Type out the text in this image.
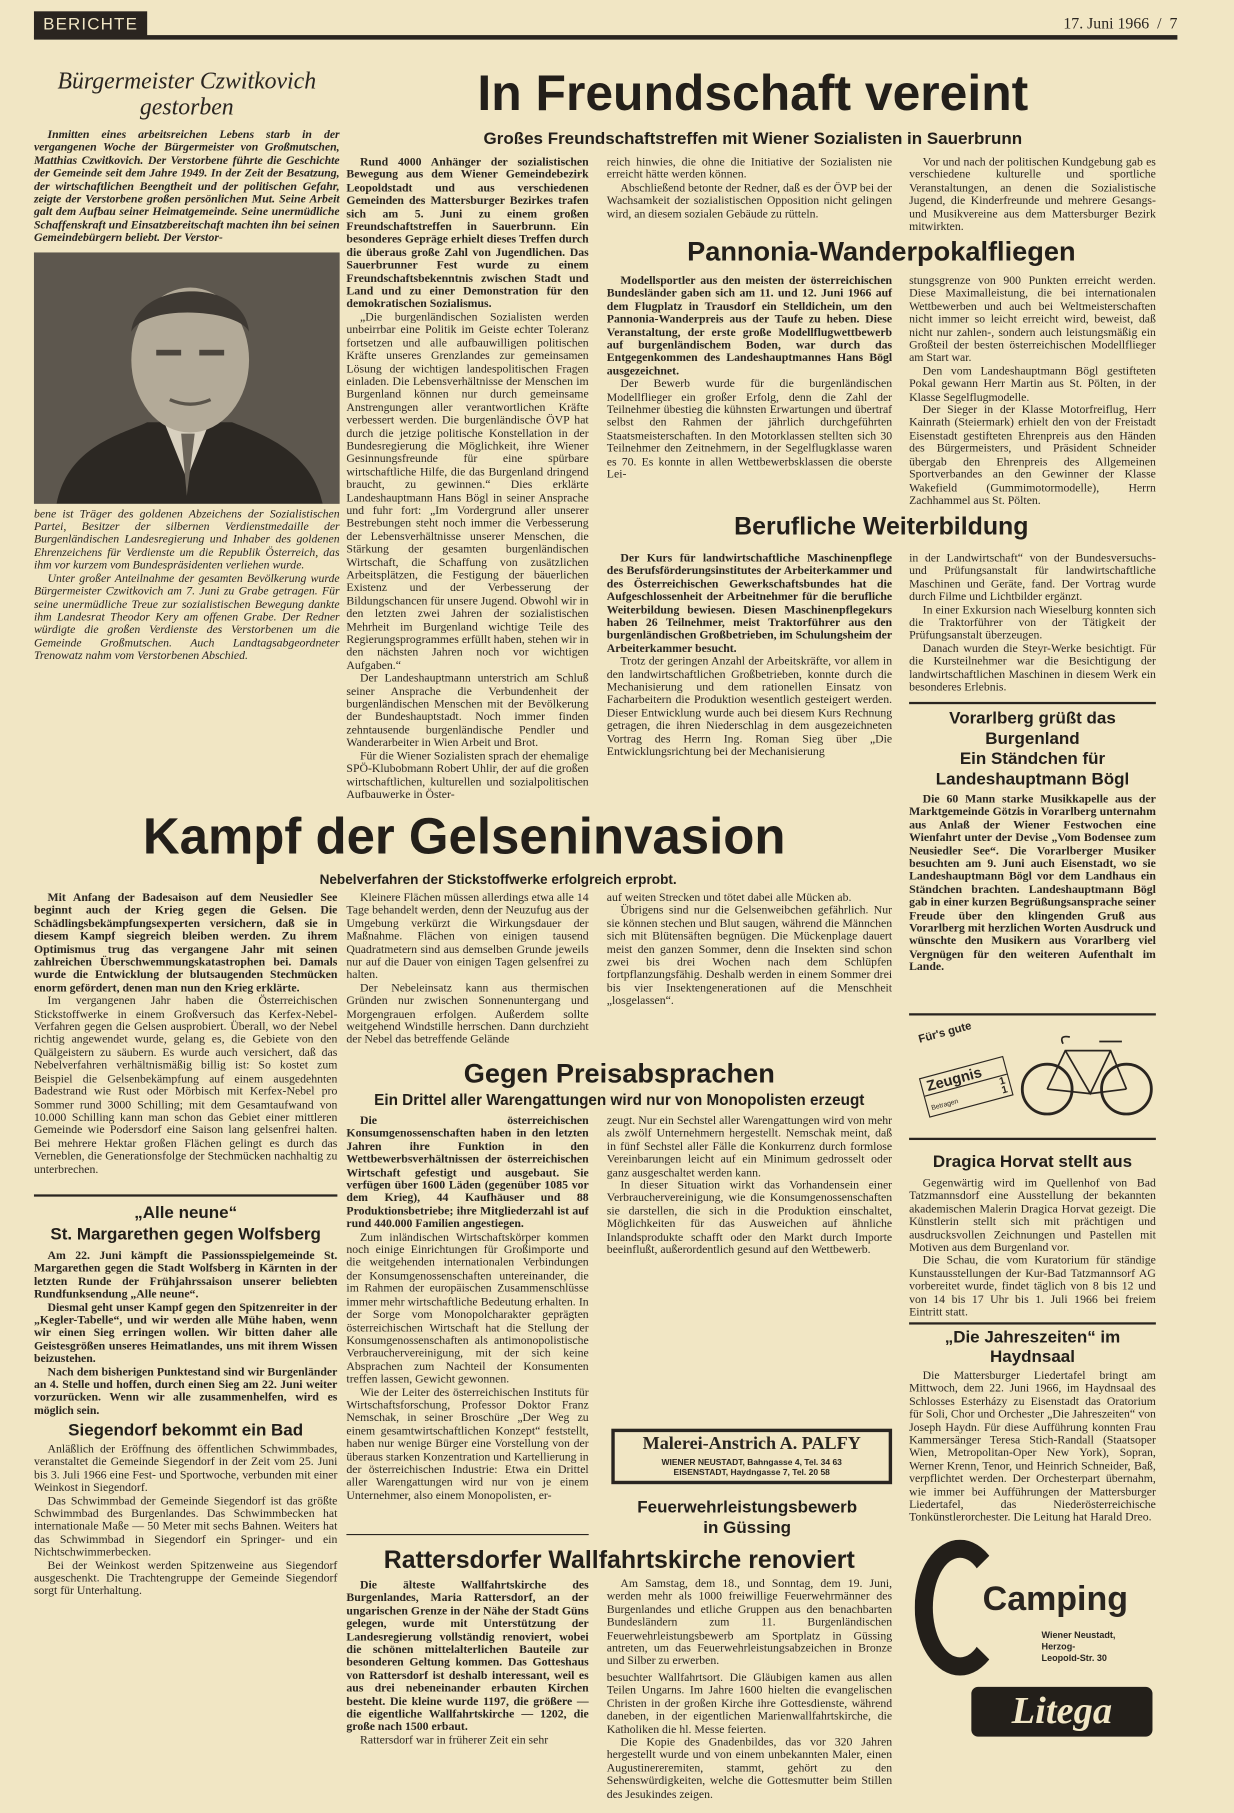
BERICHTE	17. Juni 1966 / 7
Bürgermeister Czwitkovich gestorben

Inmitten eines arbeitsreichen Lebens starb in der vergangenen Woche der Bürgermeister von Großmutschen, Matthias Czwitkovich. Der Verstorbene führte die Geschichte der Gemeinde seit dem Jahre 1949. In der Zeit der Besatzung, der wirtschaftlichen Beengtheit und der politischen Gefahr, zeigte der Verstorbene großen persönlichen Mut. Seine Arbeit galt dem Aufbau seiner Heimatgemeinde. Seine unermüdliche Schaffenskraft und Einsatzbereitschaft machten ihn bei seinen Gemeindebürgern beliebt. Der Verstor-

bene ist Träger des goldenen Abzeichens der Sozialistischen Partei, Besitzer der silbernen Verdienstmedaille der Burgenländischen Landesregierung und Inhaber des goldenen Ehrenzeichens für Verdienste um die Republik Österreich, das ihm vor kurzem vom Bundespräsidenten verliehen wurde.

Unter großer Anteilnahme der gesamten Bevölkerung wurde Bürgermeister Czwitkovich am 7. Juni zu Grabe getragen. Für seine unermüdliche Treue zur sozialistischen Bewegung dankte ihm Landesrat Theodor Kery am offenen Grabe. Der Redner würdigte die großen Verdienste des Verstorbenen um die Gemeinde Großmutschen. Auch Landtagsabgeordneter Trenowatz nahm vom Verstorbenen Abschied.

In Freundschaft vereint
Großes Freundschaftstreffen mit Wiener Sozialisten in Sauerbrunn

Rund 4000 Anhänger der sozialistischen Bewegung aus dem Wiener Gemeindebezirk Leopoldstadt und aus verschiedenen Gemeinden des Mattersburger Bezirkes trafen sich am 5. Juni zu einem großen Freundschaftstreffen in Sauerbrunn. Ein besonderes Gepräge erhielt dieses Treffen durch die überaus große Zahl von Jugendlichen. Das Sauerbrunner Fest wurde zu einem Freundschaftsbekenntnis zwischen Stadt und Land und zu einer Demonstration für den demokratischen Sozialismus.

„Die burgenländischen Sozialisten werden unbeirrbar eine Politik im Geiste echter Toleranz fortsetzen und alle aufbauwilligen politischen Kräfte unseres Grenzlandes zur gemeinsamen Lösung der wichtigen landespolitischen Fragen einladen. Die Lebensverhältnisse der Menschen im Burgenland können nur durch gemeinsame Anstrengungen aller verantwortlichen Kräfte verbessert werden. Die burgenländische ÖVP hat durch die jetzige politische Konstellation in der Bundesregierung die Möglichkeit, ihre Wiener Gesinnungsfreunde für eine spürbare wirtschaftliche Hilfe, die das Burgenland dringend braucht, zu gewinnen.“ Dies erklärte Landeshauptmann Hans Bögl in seiner Ansprache und fuhr fort: „Im Vordergrund aller unserer Bestrebungen steht noch immer die Verbesserung der Lebensverhältnisse unserer Menschen, die Stärkung der gesamten burgenländischen Wirtschaft, die Schaffung von zusätzlichen Arbeitsplätzen, die Festigung der bäuerlichen Existenz und der Verbesserung der Bildungschancen für unsere Jugend. Obwohl wir in den letzten zwei Jahren der sozialistischen Mehrheit im Burgenland wichtige Teile des Regierungsprogrammes erfüllt haben, stehen wir in den nächsten Jahren noch vor wichtigen Aufgaben.“

Der Landeshauptmann unterstrich am Schluß seiner Ansprache die Verbundenheit der burgenländischen Menschen mit der Bevölkerung der Bundeshauptstadt. Noch immer finden zehntausende burgenländische Pendler und Wanderarbeiter in Wien Arbeit und Brot.

Für die Wiener Sozialisten sprach der ehemalige SPÖ-Klubobmann Robert Uhlir, der auf die großen wirtschaftlichen, kulturellen und sozialpolitischen Aufbauwerke in Öster-

reich hinwies, die ohne die Initiative der Sozialisten nie erreicht hätte werden können.

Abschließend betonte der Redner, daß es der ÖVP bei der Wachsamkeit der sozialistischen Opposition nicht gelingen wird, an diesem sozialen Gebäude zu rütteln.

Vor und nach der politischen Kundgebung gab es verschiedene kulturelle und sportliche Veranstaltungen, an denen die Sozialistische Jugend, die Kinderfreunde und mehrere Gesangs- und Musikvereine aus dem Mattersburger Bezirk mitwirkten.

Pannonia-Wanderpokalfliegen

Modellsportler aus den meisten der österreichischen Bundesländer gaben sich am 11. und 12. Juni 1966 auf dem Flugplatz in Trausdorf ein Stelldichein, um den Pannonia-Wanderpreis aus der Taufe zu heben. Diese Veranstaltung, der erste große Modellflugwettbewerb auf burgenländischem Boden, war durch das Entgegenkommen des Landeshauptmannes Hans Bögl ausgezeichnet.

Der Bewerb wurde für die burgenländischen Modellflieger ein großer Erfolg, denn die Zahl der Teilnehmer übestieg die kühnsten Erwartungen und übertraf selbst den Rahmen der jährlich durchgeführten Staatsmeisterschaften. In den Motorklassen stellten sich 30 Teilnehmer den Zeitnehmern, in der Segelflugklasse waren es 70. Es konnte in allen Wettbewerbsklassen die oberste Lei-

stungsgrenze von 900 Punkten erreicht werden. Diese Maximalleistung, die bei internationalen Wettbewerben und auch bei Weltmeisterschaften nicht immer so leicht erreicht wird, beweist, daß nicht nur zahlen-, sondern auch leistungsmäßig ein Großteil der besten österreichischen Modellflieger am Start war.

Den vom Landeshauptmann Bögl gestifteten Pokal gewann Herr Martin aus St. Pölten, in der Klasse Segelflugmodelle.

Der Sieger in der Klasse Motorfreiflug, Herr Kainrath (Steiermark) erhielt den von der Freistadt Eisenstadt gestifteten Ehrenpreis aus den Händen des Bürgermeisters, und Präsident Schneider übergab den Ehrenpreis des Allgemeinen Sportverbandes an den Gewinner der Klasse Wakefield (Gummimotormodelle), Herrn Zachhammel aus St. Pölten.

Berufliche Weiterbildung

Der Kurs für landwirtschaftliche Maschinenpflege des Berufsförderungsinstitutes der Arbeiterkammer und des Österreichischen Gewerkschaftsbundes hat die Aufgeschlossenheit der Arbeitnehmer für die berufliche Weiterbildung bewiesen. Diesen Maschinenpflegekurs haben 26 Teilnehmer, meist Traktorführer aus den burgenländischen Großbetrieben, im Schulungsheim der Arbeiterkammer besucht.

Trotz der geringen Anzahl der Arbeitskräfte, vor allem in den landwirtschaftlichen Großbetrieben, konnte durch die Mechanisierung und dem rationellen Einsatz von Facharbeitern die Produktion wesentlich gesteigert werden. Dieser Entwicklung wurde auch bei diesem Kurs Rechnung getragen, die ihren Niederschlag in dem ausgezeichneten Vortrag des Herrn Ing. Roman Sieg über „Die Entwicklungsrichtung bei der Mechanisierung

in der Landwirtschaft“ von der Bundesversuchs- und Prüfungsanstalt für landwirtschaftliche Maschinen und Geräte, fand. Der Vortrag wurde durch Filme und Lichtbilder ergänzt.

In einer Exkursion nach Wieselburg konnten sich die Traktorführer von der Tätigkeit der Prüfungsanstalt überzeugen.

Danach wurden die Steyr-Werke besichtigt. Für die Kursteilnehmer war die Besichtigung der landwirtschaftlichen Maschinen in diesem Werk ein besonderes Erlebnis.

Vorarlberg grüßt das Burgenland
Ein Ständchen für Landeshauptmann Bögl

Die 60 Mann starke Musikkapelle aus der Marktgemeinde Götzis in Vorarlberg unternahm aus Anlaß der Wiener Festwochen eine Wienfahrt unter der Devise „Vom Bodensee zum Neusiedler See“. Die Vorarlberger Musiker besuchten am 9. Juni auch Eisenstadt, wo sie Landeshauptmann Bögl vor dem Landhaus ein Ständchen brachten. Landeshauptmann Bögl gab in einer kurzen Begrüßungsansprache seiner Freude über den klingenden Gruß aus Vorarlberg mit herzlichen Worten Ausdruck und wünschte den Musikern aus Vorarlberg viel Vergnügen für den weiteren Aufenthalt im Lande.

Für's gute
Zeugnis
Betragen
1
1
Kampf der Gelseninvasion
Nebelverfahren der Stickstoffwerke erfolgreich erprobt.

Mit Anfang der Badesaison auf dem Neusiedler See beginnt auch der Krieg gegen die Gelsen. Die Schädlingsbekämpfungsexperten versichern, daß sie in diesem Kampf siegreich bleiben werden. Zu ihrem Optimismus trug das vergangene Jahr mit seinen zahlreichen Überschwemmungskatastrophen bei. Damals wurde die Entwicklung der blutsaugenden Stechmücken enorm gefördert, denen man nun den Krieg erklärte.

Im vergangenen Jahr haben die Österreichischen Stickstoffwerke in einem Großversuch das Kerfex-Nebel-Verfahren gegen die Gelsen ausprobiert. Überall, wo der Nebel richtig angewendet wurde, gelang es, die Gebiete von den Quälgeistern zu säubern. Es wurde auch versichert, daß das Nebelverfahren verhältnismäßig billig ist: So kostet zum Beispiel die Gelsenbekämpfung auf einem ausgedehnten Badestrand wie Rust oder Mörbisch mit Kerfex-Nebel pro Sommer rund 3000 Schilling; mit dem Gesamtaufwand von 10.000 Schilling kann man schon das Gebiet einer mittleren Gemeinde wie Podersdorf eine Saison lang gelsenfrei halten. Bei mehrere Hektar großen Flächen gelingt es durch das Verneblen, die Generationsfolge der Stechmücken nachhaltig zu unterbrechen.

Kleinere Flächen müssen allerdings etwa alle 14 Tage behandelt werden, denn der Neuzufug aus der Umgebung verkürzt die Wirkungsdauer der Maßnahme. Flächen von einigen tausend Quadratmetern sind aus demselben Grunde jeweils nur auf die Dauer von einigen Tagen gelsenfrei zu halten.

Der Nebeleinsatz kann aus thermischen Gründen nur zwischen Sonnenuntergang und Morgengrauen erfolgen. Außerdem sollte weitgehend Windstille herrschen. Dann durchzieht der Nebel das betreffende Gelände

auf weiten Strecken und tötet dabei alle Mücken ab.

Übrigens sind nur die Gelsenweibchen gefährlich. Nur sie können stechen und Blut saugen, während die Männchen sich mit Blütensäften begnügen. Die Mückenplage dauert meist den ganzen Sommer, denn die Insekten sind schon zwei bis drei Wochen nach dem Schlüpfen fortpflanzungsfähig. Deshalb werden in einem Sommer drei bis vier Insektengenerationen auf die Menschheit „losgelassen“.

Gegen Preisabsprachen
Ein Drittel aller Warengattungen wird nur von Monopolisten erzeugt

Die österreichischen Konsumgenossenschaften haben in den letzten Jahren ihre Funktion in den Wettbewerbsverhältnissen der österreichischen Wirtschaft gefestigt und ausgebaut. Sie verfügen über 1600 Läden (gegenüber 1085 vor dem Krieg), 44 Kaufhäuser und 88 Produktionsbetriebe; ihre Mitgliederzahl ist auf rund 440.000 Familien angestiegen.

Zum inländischen Wirtschaftskörper kommen noch einige Einrichtungen für Großimporte und die weitgehenden internationalen Verbindungen der Konsumgenossenschaften untereinander, die im Rahmen der europäischen Zusammenschlüsse immer mehr wirtschaftliche Bedeutung erhalten. In der Sorge vom Monopolcharakter geprägten österreichischen Wirtschaft hat die Stellung der Konsumgenossenschaften als antimonopolistische Verbrauchervereinigung, mit der sich keine Absprachen zum Nachteil der Konsumenten treffen lassen, Gewicht gewonnen.

Wie der Leiter des österreichischen Instituts für Wirtschaftsforschung, Professor Doktor Franz Nemschak, in seiner Broschüre „Der Weg zu einem gesamtwirtschaftlichen Konzept“ feststellt, haben nur wenige Bürger eine Vorstellung von der überaus starken Konzentration und Kartellierung in der österreichischen Industrie: Etwa ein Drittel aller Warengattungen wird nur von je einem Unternehmer, also einem Monopolisten, er-

zeugt. Nur ein Sechstel aller Warengattungen wird von mehr als zwölf Unternehmern hergestellt. Nemschak meint, daß in fünf Sechstel aller Fälle die Konkurrenz durch formlose Vereinbarungen leicht auf ein Minimum gedrosselt oder ganz ausgeschaltet werden kann.

In dieser Situation wirkt das Vorhandensein einer Verbrauchervereinigung, wie die Konsumgenossenschaften sie darstellen, die sich in die Produktion einschaltet, Möglichkeiten für das Ausweichen auf ähnliche Inlandsprodukte schafft oder den Markt durch Importe beeinflußt, außerordentlich gesund auf den Wettbewerb.

Malerei-Anstrich A. PALFY
WIENER NEUSTADT, Bahngasse 4, Tel. 34 63
EISENSTADT, Haydngasse 7, Tel. 20 58
Feuerwehrleistungsbewerb in Güssing

Am Samstag, dem 18., und Sonntag, dem 19. Juni, werden mehr als 1000 freiwillige Feuerwehrmänner des Burgenlandes und etliche Gruppen aus den benachbarten Bundesländern zum 11. Burgenländischen Feuerwehrleistungsbewerb am Sportplatz in Güssing antreten, um das Feuerwehrleistungsabzeichen in Bronze und Silber zu erwerben.

Dragica Horvat stellt aus

Gegenwärtig wird im Quellenhof von Bad Tatzmannsdorf eine Ausstellung der bekannten akademischen Malerin Dragica Horvat gezeigt. Die Künstlerin stellt sich mit prächtigen und ausdrucksvollen Zeichnungen und Pastellen mit Motiven aus dem Burgenland vor.

Die Schau, die vom Kuratorium für ständige Kunstausstellungen der Kur-Bad Tatzmannsorf AG vorbereitet wurde, findet täglich von 8 bis 12 und von 14 bis 17 Uhr bis 1. Juli 1966 bei freiem Eintritt statt.

„Die Jahreszeiten“ im Haydnsaal

Die Mattersburger Liedertafel bringt am Mittwoch, dem 22. Juni 1966, im Haydnsaal des Schlosses Esterházy zu Eisenstadt das Oratorium für Soli, Chor und Orchester „Die Jahreszeiten“ von Joseph Haydn. Für diese Aufführung konnten Frau Kammersänger Teresa Stich-Randall (Staatsoper Wien, Metropolitan-Oper New York), Sopran, Werner Krenn, Tenor, und Heinrich Schneider, Baß, verpflichtet werden. Der Orchesterpart übernahm, wie immer bei Aufführungen der Mattersburger Liedertafel, das Niederösterreichische Tonkünstlerorchester. Die Leitung hat Harald Dreo.

„Alle neune“
St. Margarethen gegen Wolfsberg

Am 22. Juni kämpft die Passionsspielgemeinde St. Margarethen gegen die Stadt Wolfsberg in Kärnten in der letzten Runde der Frühjahrssaison unserer beliebten Rundfunksendung „Alle neune“.

Diesmal geht unser Kampf gegen den Spitzenreiter in der „Kegler-Tabelle“, und wir werden alle Mühe haben, wenn wir einen Sieg erringen wollen. Wir bitten daher alle Geistesgrößen unseres Heimatlandes, uns mit ihrem Wissen beizustehen.

Nach dem bisherigen Punktestand sind wir Burgenländer an 4. Stelle und hoffen, durch einen Sieg am 22. Juni weiter vorzurücken. Wenn wir alle zusammenhelfen, wird es möglich sein.

Siegendorf bekommt ein Bad

Anläßlich der Eröffnung des öffentlichen Schwimmbades, veranstaltet die Gemeinde Siegendorf in der Zeit vom 25. Juni bis 3. Juli 1966 eine Fest- und Sportwoche, verbunden mit einer Weinkost in Siegendorf.

Das Schwimmbad der Gemeinde Siegendorf ist das größte Schwimmbad des Burgenlandes. Das Schwimmbecken hat internationale Maße — 50 Meter mit sechs Bahnen. Weiters hat das Schwimmbad in Siegendorf ein Springer- und ein Nichtschwimmerbecken.

Bei der Weinkost werden Spitzenweine aus Siegendorf ausgeschenkt. Die Trachtengruppe der Gemeinde Siegendorf sorgt für Unterhaltung.

Rattersdorfer Wallfahrtskirche renoviert

Die älteste Wallfahrtskirche des Burgenlandes, Maria Rattersdorf, an der ungarischen Grenze in der Nähe der Stadt Güns gelegen, wurde mit Unterstützung der Landesregierung vollständig renoviert, wobei die schönen mittelalterlichen Bauteile zur besonderen Geltung kommen. Das Gotteshaus von Rattersdorf ist deshalb interessant, weil es aus drei nebeneinander erbauten Kirchen besteht. Die kleine wurde 1197, die größere — die eigentliche Wallfahrtskirche — 1202, die große nach 1500 erbaut.

Rattersdorf war in früherer Zeit ein sehr

besuchter Wallfahrtsort. Die Gläubigen kamen aus allen Teilen Ungarns. Im Jahre 1600 hielten die evangelischen Christen in der großen Kirche ihre Gottesdienste, während daneben, in der eigentlichen Marienwallfahrtskirche, die Katholiken die hl. Messe feierten.

Die Kopie des Gnadenbildes, das vor 320 Jahren hergestellt wurde und von einem unbekannten Maler, einen Augustinereremiten, stammt, gehört zu den Sehenswürdigkeiten, welche die Gottesmutter beim Stillen des Jesukindes zeigen.

Camping
Wiener Neustadt,
Herzog-
Leopold-Str. 30
Litega
